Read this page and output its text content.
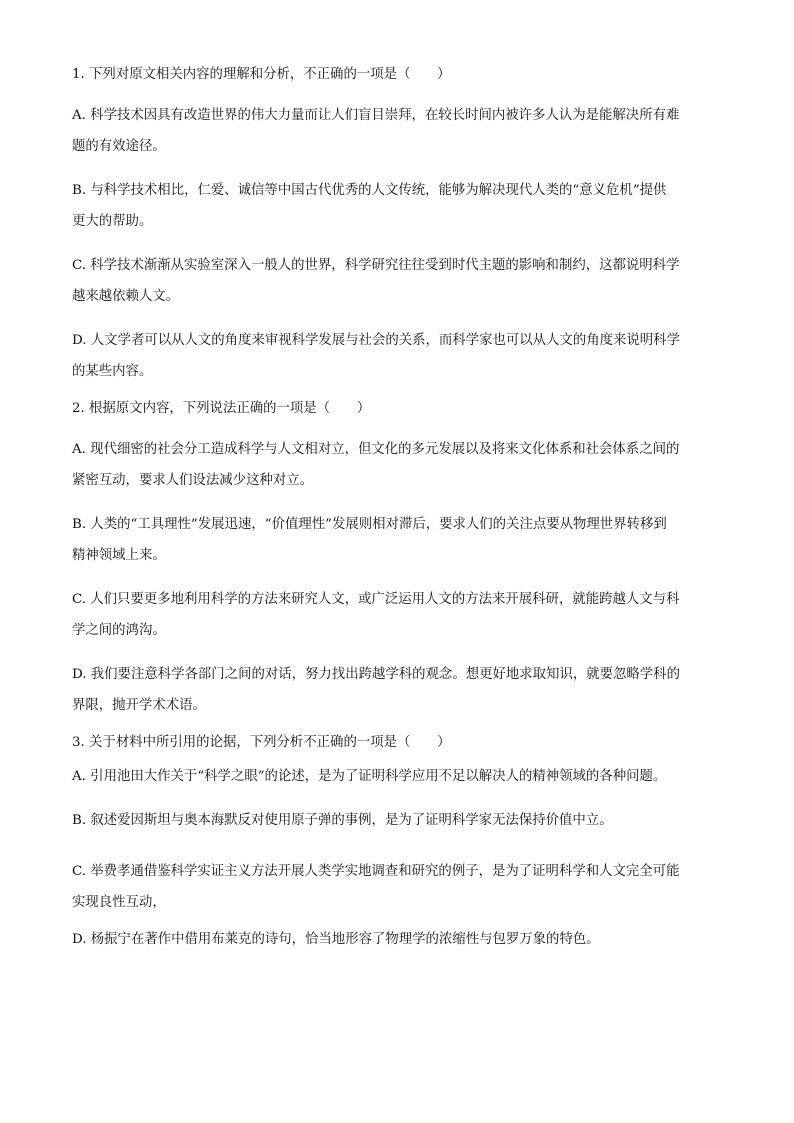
1. 下列对原文相关内容的理解和分析，不正确的一项是（　　）

A. 科学技术因具有改造世界的伟大力量而让人们盲目崇拜，在较长时间内被许多人认为是能解决所有难
题的有效途径。
B. 与科学技术相比，仁爱、诚信等中国古代优秀的人文传统，能够为解决现代人类的“意义危机”提供
更大的帮助。
C. 科学技术渐渐从实验室深入一般人的世界，科学研究往往受到时代主题的影响和制约，这都说明科学
越来越依赖人文。
D. 人文学者可以从人文的角度来审视科学发展与社会的关系，而科学家也可以从人文的角度来说明科学
的某些内容。

2. 根据原文内容，下列说法正确的一项是（　　）

A. 现代细密的社会分工造成科学与人文相对立，但文化的多元发展以及将来文化体系和社会体系之间的
紧密互动，要求人们设法减少这种对立。
B. 人类的“工具理性”发展迅速，“价值理性”发展则相对滞后，要求人们的关注点要从物理世界转移到
精神领域上来。
C. 人们只要更多地利用科学的方法来研究人文，或广泛运用人文的方法来开展科研，就能跨越人文与科
学之间的鸿沟。
D. 我们要注意科学各部门之间的对话，努力找出跨越学科的观念。想更好地求取知识，就要忽略学科的
界限，抛开学术术语。

3. 关于材料中所引用的论据，下列分析不正确的一项是（　　）

A. 引用池田大作关于“科学之眼”的论述，是为了证明科学应用不足以解决人的精神领域的各种问题。
B. 叙述爱因斯坦与奥本海默反对使用原子弹的事例，是为了证明科学家无法保持价值中立。
C. 举费孝通借鉴科学实证主义方法开展人类学实地调查和研究的例子，是为了证明科学和人文完全可能
实现良性互动，
D. 杨振宁在著作中借用布莱克的诗句，恰当地形容了物理学的浓缩性与包罗万象的特色。
